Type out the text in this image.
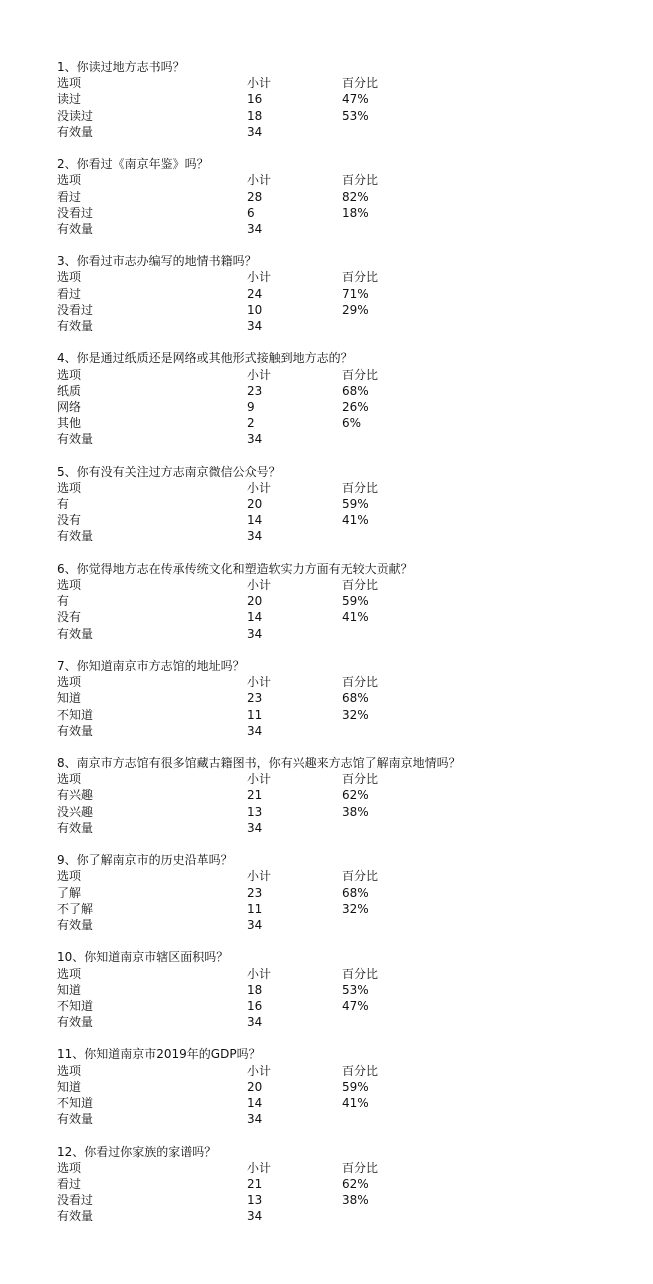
1、你读过地方志书吗？
选项	小计	百分比
读过	16	47%
没读过	18	53%
有效量	34
2、你看过《南京年鉴》吗？
选项	小计	百分比
看过	28	82%
没看过	6	18%
有效量	34
3、你看过市志办编写的地情书籍吗？
选项	小计	百分比
看过	24	71%
没看过	10	29%
有效量	34
4、你是通过纸质还是网络或其他形式接触到地方志的？
选项	小计	百分比
纸质	23	68%
网络	9	26%
其他	2	6%
有效量	34
5、你有没有关注过方志南京微信公众号？
选项	小计	百分比
有	20	59%
没有	14	41%
有效量	34
6、你觉得地方志在传承传统文化和塑造软实力方面有无较大贡献？
选项	小计	百分比
有	20	59%
没有	14	41%
有效量	34
7、你知道南京市方志馆的地址吗？
选项	小计	百分比
知道	23	68%
不知道	11	32%
有效量	34
8、南京市方志馆有很多馆藏古籍图书，你有兴趣来方志馆了解南京地情吗？
选项	小计	百分比
有兴趣	21	62%
没兴趣	13	38%
有效量	34
9、你了解南京市的历史沿革吗？
选项	小计	百分比
了解	23	68%
不了解	11	32%
有效量	34
10、你知道南京市辖区面积吗？
选项	小计	百分比
知道	18	53%
不知道	16	47%
有效量	34
11、你知道南京市2019年的GDP吗？
选项	小计	百分比
知道	20	59%
不知道	14	41%
有效量	34
12、你看过你家族的家谱吗？
选项	小计	百分比
看过	21	62%
没看过	13	38%
有效量	34
